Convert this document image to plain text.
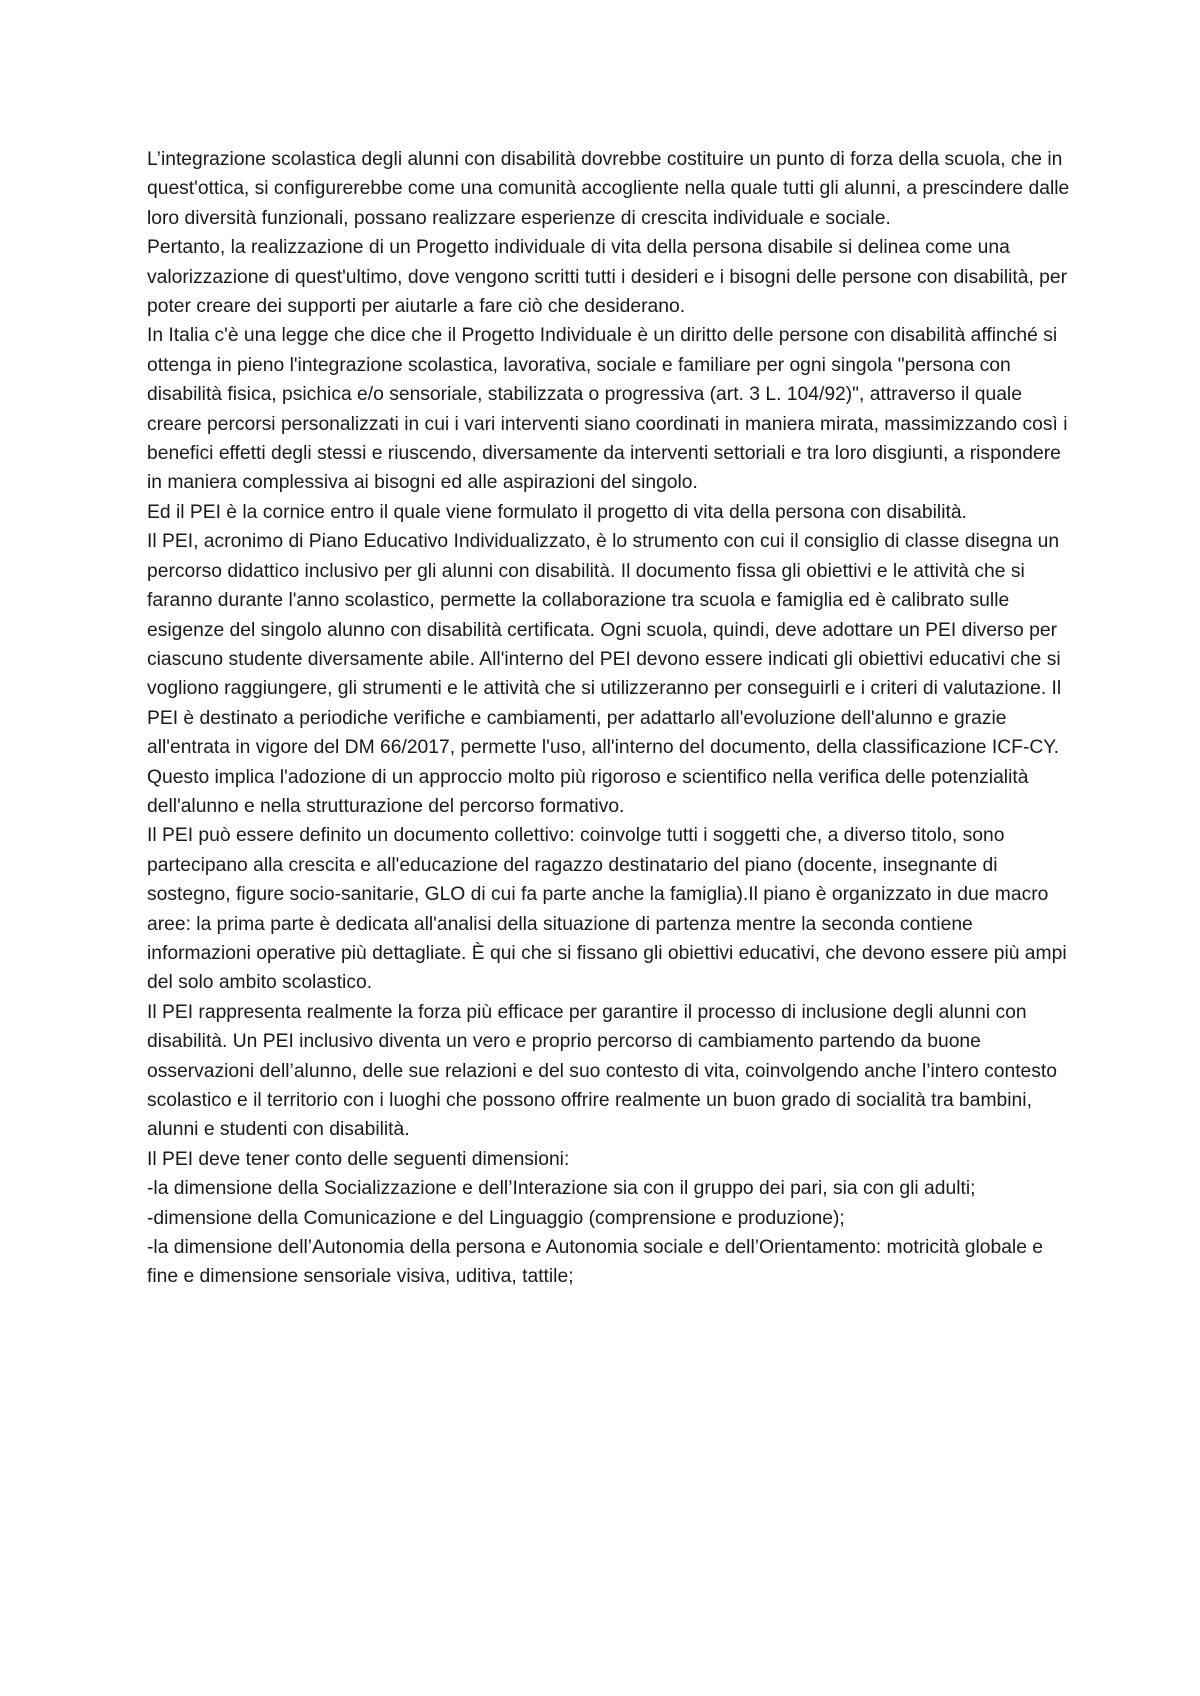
L’integrazione scolastica degli alunni con disabilità dovrebbe costituire un punto di forza della scuola, che in quest'ottica, si configurerebbe come una comunità accogliente nella quale tutti gli alunni, a prescindere dalle loro diversità funzionali, possano realizzare esperienze di crescita individuale e sociale.

Pertanto, la realizzazione di un Progetto individuale di vita della persona disabile si delinea come una valorizzazione di quest'ultimo, dove vengono scritti tutti i desideri e i bisogni delle persone con disabilità, per poter creare dei supporti per aiutarle a fare ciò che desiderano.

In Italia c'è una legge che dice che il Progetto Individuale è un diritto delle persone con disabilità affinché si ottenga in pieno l'integrazione scolastica, lavorativa, sociale e familiare per ogni singola "persona con disabilità fisica, psichica e/o sensoriale, stabilizzata o progressiva (art. 3 L. 104/92)", attraverso il quale creare percorsi personalizzati in cui i vari interventi siano coordinati in maniera mirata, massimizzando così i benefici effetti degli stessi e riuscendo, diversamente da interventi settoriali e tra loro disgiunti, a rispondere in maniera complessiva ai bisogni ed alle aspirazioni del singolo.

Ed il PEI è la cornice entro il quale viene formulato il progetto di vita della persona con disabilità.

Il PEI, acronimo di Piano Educativo Individualizzato, è lo strumento con cui il consiglio di classe disegna un percorso didattico inclusivo per gli alunni con disabilità. Il documento fissa gli obiettivi e le attività che si faranno durante l'anno scolastico, permette la collaborazione tra scuola e famiglia ed è calibrato sulle esigenze del singolo alunno con disabilità certificata. Ogni scuola, quindi, deve adottare un PEI diverso per ciascuno studente diversamente abile. All'interno del PEI devono essere indicati gli obiettivi educativi che si vogliono raggiungere, gli strumenti e le attività che si utilizzeranno per conseguirli e i criteri di valutazione. Il PEI è destinato a periodiche verifiche e cambiamenti, per adattarlo all'evoluzione dell'alunno e grazie all'entrata in vigore del DM 66/2017, permette l'uso, all'interno del documento, della classificazione ICF-CY. Questo implica l'adozione di un approccio molto più rigoroso e scientifico nella verifica delle potenzialità dell'alunno e nella strutturazione del percorso formativo.

Il PEI può essere definito un documento collettivo: coinvolge tutti i soggetti che, a diverso titolo, sono partecipano alla crescita e all'educazione del ragazzo destinatario del piano (docente, insegnante di sostegno, figure socio-sanitarie, GLO di cui fa parte anche la famiglia).Il piano è organizzato in due macro aree: la prima parte è dedicata all'analisi della situazione di partenza mentre la seconda contiene informazioni operative più dettagliate. È qui che si fissano gli obiettivi educativi, che devono essere più ampi del solo ambito scolastico.

Il PEI rappresenta realmente la forza più efficace per garantire il processo di inclusione degli alunni con disabilità. Un PEI inclusivo diventa un vero e proprio percorso di cambiamento partendo da buone osservazioni dell’alunno, delle sue relazioni e del suo contesto di vita, coinvolgendo anche l’intero contesto scolastico e il territorio con i luoghi che possono offrire realmente un buon grado di socialità tra bambini, alunni e studenti con disabilità.

Il PEI deve tener conto delle seguenti dimensioni:

-la dimensione della Socializzazione e dell’Interazione sia con il gruppo dei pari, sia con gli adulti;

-dimensione della Comunicazione e del Linguaggio (comprensione e produzione);

-la dimensione dell’Autonomia della persona e Autonomia sociale e dell’Orientamento: motricità globale e fine e dimensione sensoriale visiva, uditiva, tattile;
